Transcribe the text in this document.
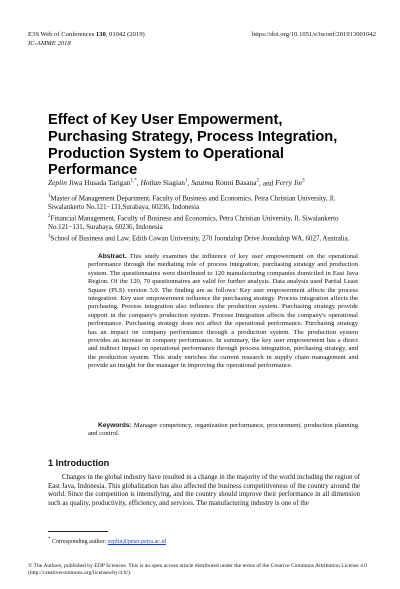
E3S Web of Conferences 130, 01042 (2019)
IC-AMME 2018
https://doi.org/10.1051/e3sconf/201913001042
Effect of Key User Empowerment, Purchasing Strategy, Process Integration, Production System to Operational Performance
Zeplin Jiwa Husada Tarigan$^{1,*}$, Hotlan Siagian$^1$, Sautma Ronni Basana$^2$, and Ferry Jie$^3$

$^1$Master of Management Department, Faculty of Business and Economics, Petra Christian University, Jl. Siwalankerto No.121−131,Surabaya, 60236, Indonesia

$^2$Financial Management, Faculty of Business and Economics, Petra Christian University, Jl. Siwalankerto No.121−131, Surabaya, 60236, Indonesia

$^3$School of Business and Law, Edith Cowan University, 270 Joondalup Drive Joondalup WA, 6027, Australia.

Abstract. This study examines the influence of key user empowerment on the operational performance through the mediating role of process integration, purchasing strategy and production system. The questionnaires were distributed to 120 manufacturing companies domiciled in East Java Region. Of the 120, 70 questionnaires are valid for further analysis. Data analysis used Partial Least Square (PLS) version 3.0. The finding are as follows: Key user empowerment affects the process integration. Key user empowerment influence the purchasing strategy. Process integration affects the purchasing. Process integration also influence the production system. Purchasing strategy provide support in the company's production system. Process Integration affects the company's operational performance. Purchasing strategy does not affect the operational performance. Purchasing strategy has an impact on company performance through a production system. The production system provides an increase in company performance. In summary, the key user empowerment has a direct and indirect impact on operational performance through process integration, purchasing strategy, and the production system. This study enriches the current research in supply chain management and provide an insight for the manager in improving the operational performance.
Keywords: Manager competency, organization performance, procurement, production planning and control.
1 Introduction
Changes in the global industry have resulted in a change in the majority of the world including the region of East Java, Indonesia. This globalization has also affected the business competitiveness of the country around the world. Since the competition is intensifying, and the country should improve their performance in all dimension such as quality, productivity, efficiency, and services. The manufacturing industry is one of the
* Corresponding author: zeplin@peter.petra.ac.id
© The Authors, published by EDP Sciences. This is an open access article distributed under the terms of the Creative Commons Attribution License 4.0 (http://creativecommons.org/licenses/by/4.0/).
